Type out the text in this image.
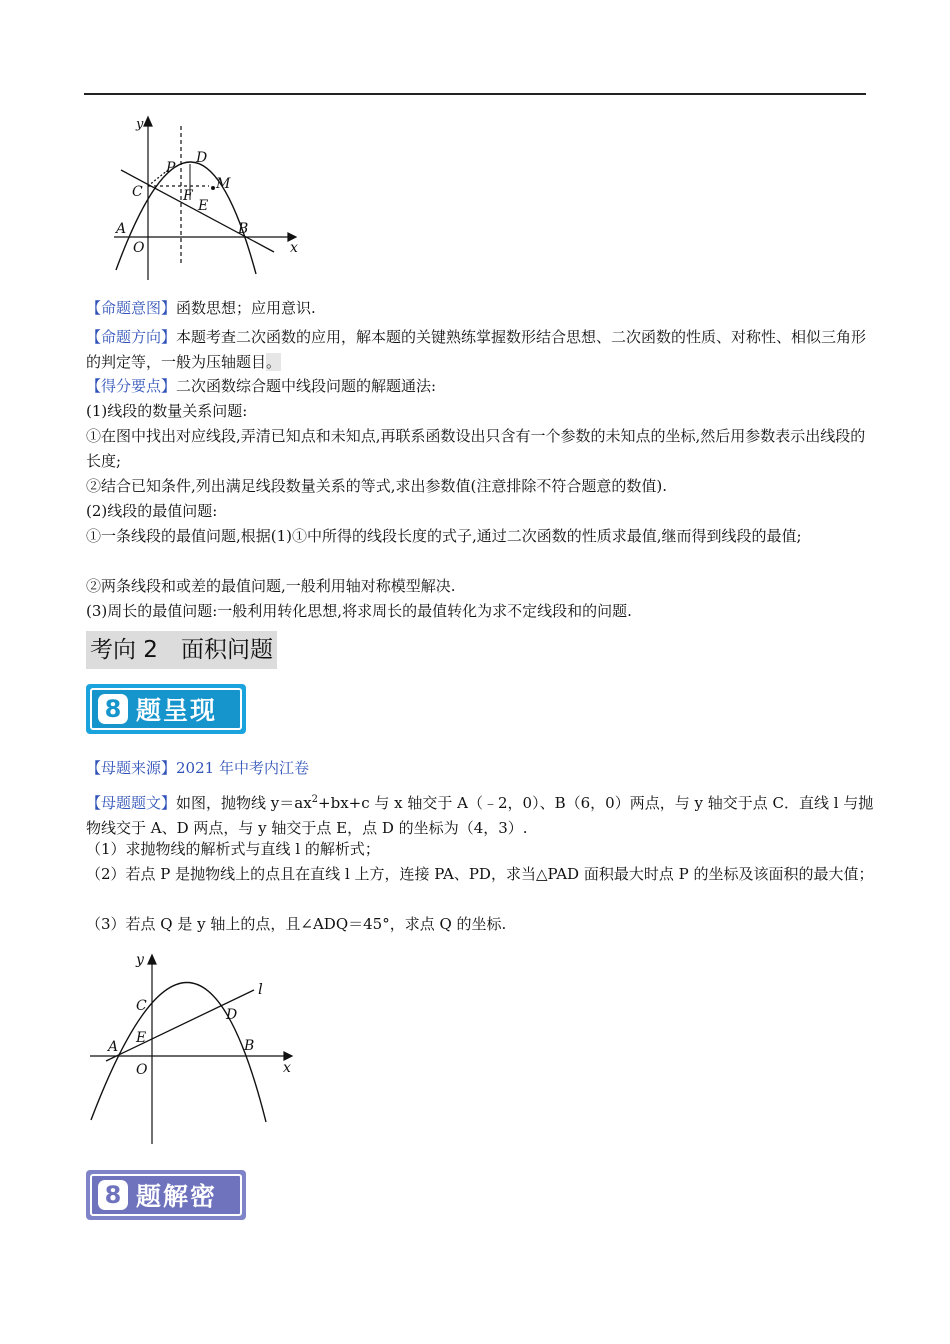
y
x
O
A	B
C
D
P
F
E
M
【命题意图】函数思想；应用意识.
【命题方向】本题考查二次函数的应用，解本题的关键熟练掌握数形结合思想、二次函数的性质、对称性、相似三角形的判定等，一般为压轴题目。
【得分要点】二次函数综合题中线段问题的解题通法:
(1)线段的数量关系问题:
①在图中找出对应线段,弄清已知点和未知点,再联系函数设出只含有一个参数的未知点的坐标,然后用参数表示出线段的长度;
②结合已知条件,列出满足线段数量关系的等式,求出参数值(注意排除不符合题意的数值).
(2)线段的最值问题:
①一条线段的最值问题,根据(1)①中所得的线段长度的式子,通过二次函数的性质求最值,继而得到线段的最值;
②两条线段和或差的最值问题,一般利用轴对称模型解决.
(3)周长的最值问题:一般利用转化思想,将求周长的最值转化为求不定线段和的问题.
考向 2　面积问题
8 题呈现
【母题来源】2021 年中考内江卷
【母题题文】如图，抛物线 $y=ax^2+bx+c$ 与 x 轴交于 A（﹣2，0）、B（6，0）两点，与 y 轴交于点 C．直线 l 与抛物线交于 A、D 两点，与 y 轴交于点 E，点 D 的坐标为（4，3）.
（1）求抛物线的解析式与直线 l 的解析式；
（2）若点 P 是抛物线上的点且在直线 l 上方，连接 PA、PD，求当△PAD 面积最大时点 P 的坐标及该面积的最大值；
（3）若点 Q 是 y 轴上的点，且∠ADQ＝45°，求点 Q 的坐标.
y
x
O
A	B
C
D
E
l
8 题解密
